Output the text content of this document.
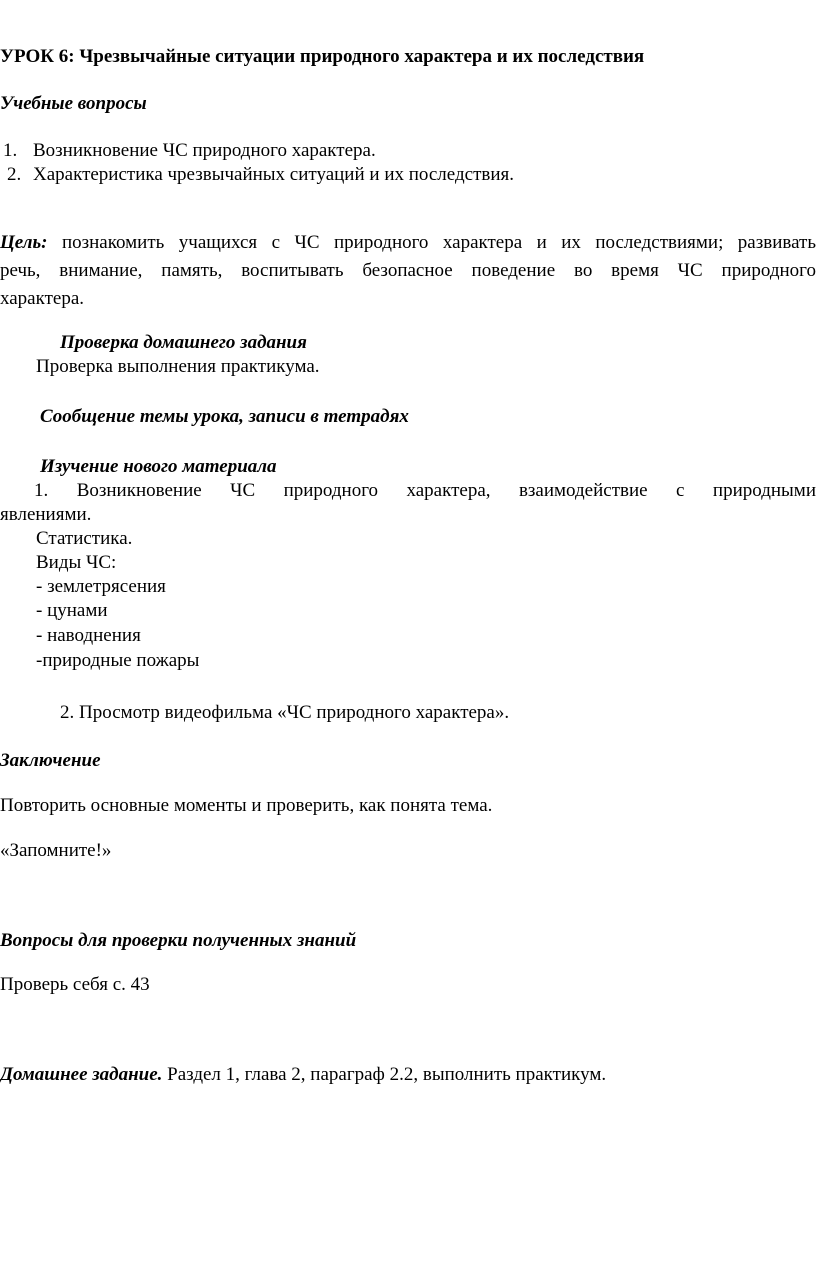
УРОК 6: Чрезвычайные ситуации природного характера и их последствия
Учебные вопросы
1. Возникновение ЧС природного характера.
2. Характеристика чрезвычайных ситуаций и их последствия.
Цель: познакомить учащихся с ЧС природного характера и их последствиями; развивать
речь, внимание, память, воспитывать безопасное поведение во время ЧС природного
характера.
Проверка домашнего задания
Проверка выполнения практикума.
Сообщение темы урока, записи в тетрадях
Изучение нового материала
1. Возникновение ЧС природного характера, взаимодействие с природными
явлениями.
Статистика.
Виды ЧС:
- землетрясения
- цунами
- наводнения
-природные пожары
2. Просмотр видеофильма «ЧС природного характера».
Заключение
Повторить основные моменты и проверить, как понята тема.
«Запомните!»
Вопросы для проверки полученных знаний
Проверь себя с. 43
Домашнее задание. Раздел 1, глава 2, параграф 2.2, выполнить практикум.
